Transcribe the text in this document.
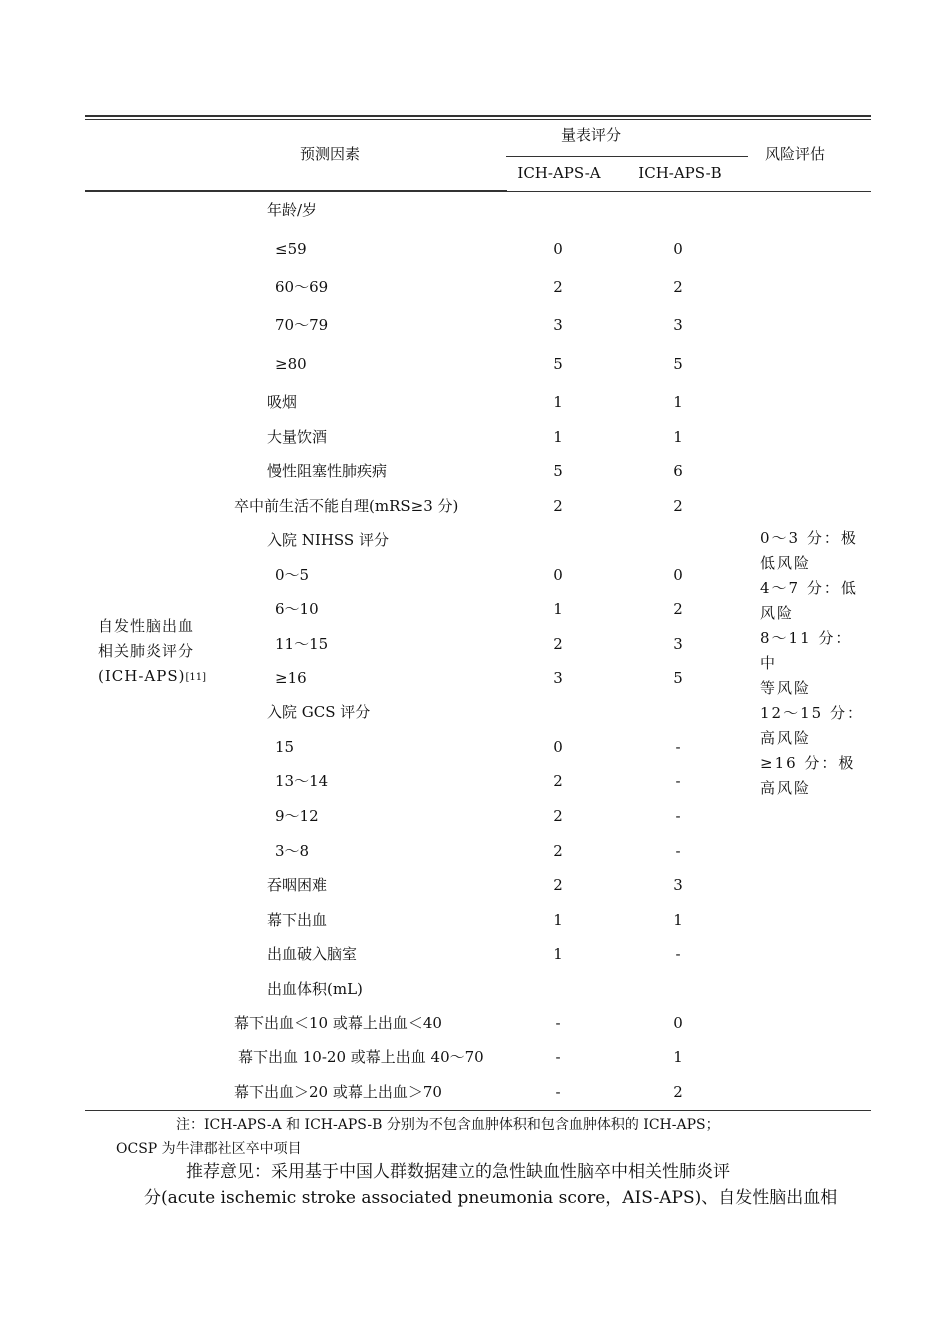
预测因素
量表评分
ICH-APS-A	ICH-APS-B
风险评估
自发性脑出血
相关肺炎评分
(ICH-APS)[11]
0～3 分：极
低风险
4～7 分：低
风险
8～11 分：中
等风险
12～15 分：
高风险
≥16 分：极
高风险
年龄/岁
≤59	0	0
60～69	2	2
70～79	3	3
≥80	5	5
吸烟	1	1
大量饮酒	1	1
慢性阻塞性肺疾病	5	6
卒中前生活不能自理(mRS≥3 分)	2	2
入院 NIHSS 评分
0～5	0	0
6～10	1	2
11～15	2	3
≥16	3	5
入院 GCS 评分
15	0	-
13～14	2	-
9～12	2	-
3～8	2	-
吞咽困难	2	3
幕下出血	1	1
出血破入脑室	1	-
出血体积(mL)
幕下出血＜10 或幕上出血＜40	-	0
幕下出血 10-20 或幕上出血 40～70	-	1
幕下出血＞20 或幕上出血＞70	-	2
注：ICH-APS-A 和 ICH-APS-B 分别为不包含血肿体积和包含血肿体积的 ICH-APS；
OCSP 为牛津郡社区卒中项目
推荐意见：采用基于中国人群数据建立的急性缺血性脑卒中相关性肺炎评
分(acute ischemic stroke associated pneumonia score，AIS-APS)、自发性脑出血相
